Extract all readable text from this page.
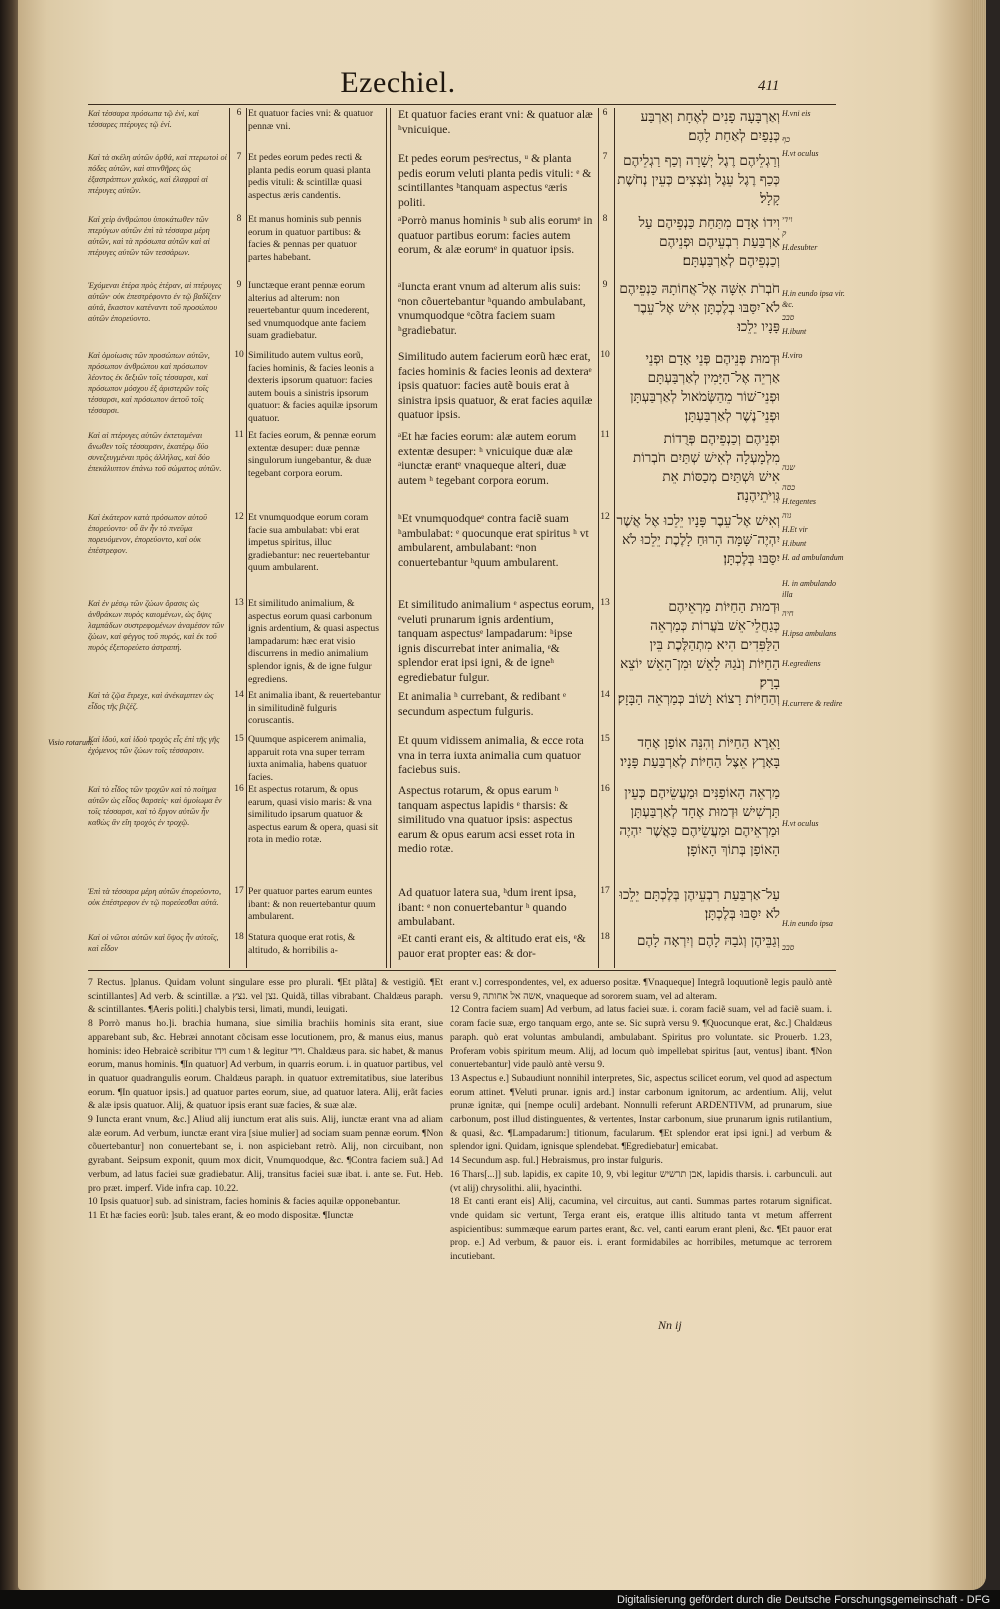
Ezechiel.	411
Visio rotarum.
Καὶ τέσσαρα πρόσωπα τῷ ἑνί, καὶ τέσσαρες πτέρυγες τῷ ἑνί.
Καὶ τὰ σκέλη αὐτῶν ὀρθά, καὶ πτερωτοὶ οἱ πόδες αὐτῶν, καὶ σπινθῆρες ὡς ἐξαστράπτων χαλκός, καὶ ἐλαφραὶ αἱ πτέρυγες αὐτῶν.
Καὶ χεὶρ ἀνθρώπου ὑποκάτωθεν τῶν πτερύγων αὐτῶν ἐπὶ τὰ τέσσαρα μέρη αὐτῶν, καὶ τὰ πρόσωπα αὐτῶν καὶ αἱ πτέρυγες αὐτῶν τῶν τεσσάρων.
Ἐχόμεναι ἑτέρα πρὸς ἑτέραν, αἱ πτέρυγες αὐτῶν· οὐκ ἐπεστρέφοντο ἐν τῷ βαδίζειν αὐτά, ἕκαστον κατέναντι τοῦ προσώπου αὐτῶν ἐπορεύοντο.
Καὶ ὁμοίωσις τῶν προσώπων αὐτῶν, πρόσωπον ἀνθρώπου καὶ πρόσωπον λέοντος ἐκ δεξιῶν τοῖς τέσσαρσι, καὶ πρόσωπον μόσχου ἐξ ἀριστερῶν τοῖς τέσσαρσι, καὶ πρόσωπον ἀετοῦ τοῖς τέσσαρσι.
Καὶ αἱ πτέρυγες αὐτῶν ἐκτεταμέναι ἄνωθεν τοῖς τέσσαρσιν, ἑκατέρῳ δύο συνεζευγμέναι πρὸς ἀλλήλας, καὶ δύο ἐπεκάλυπτον ἐπάνω τοῦ σώματος αὐτῶν.
Καὶ ἑκάτερον κατὰ πρόσωπον αὐτοῦ ἐπορεύοντο· οὗ ἂν ἦν τὸ πνεῦμα πορευόμενον, ἐπορεύοντο, καὶ οὐκ ἐπέστρεφον.
Καὶ ἐν μέσῳ τῶν ζώων ὅρασις ὡς ἀνθράκων πυρὸς καιομένων, ὡς ὄψις λαμπάδων συστρεφομένων ἀναμέσον τῶν ζώων, καὶ φέγγος τοῦ πυρός, καὶ ἐκ τοῦ πυρὸς ἐξεπορεύετο ἀστραπή.
Καὶ τὰ ζῷα ἔτρεχε, καὶ ἀνέκαμπτεν ὡς εἶδος τῆς βιζέζ.
Καὶ ἰδού, καὶ ἰδοὺ τροχὸς εἷς ἐπὶ τῆς γῆς ἐχόμενος τῶν ζώων τοῖς τέσσαρσιν.
Καὶ τὸ εἶδος τῶν τροχῶν καὶ τὸ ποίημα αὐτῶν ὡς εἶδος θαρσείς· καὶ ὁμοίωμα ἓν τοῖς τέσσαρσι, καὶ τὸ ἔργον αὐτῶν ἦν καθὼς ἂν εἴη τροχὸς ἐν τροχῷ.
Ἐπὶ τὰ τέσσαρα μέρη αὐτῶν ἐπορεύοντο, οὐκ ἐπέστρεφον ἐν τῷ πορεύεσθαι αὐτά.
Καὶ οἱ νῶτοι αὐτῶν καὶ ὕψος ἦν αὐτοῖς, καὶ εἶδον
6
7
8
9
10
11
12
13
14
15
16
17
18
Et quatuor facies vni: & quatuor pennæ vni.
Et pedes eorum pedes recti & planta pedis eorum quasi planta pedis vituli: & scintillæ quasi aspectus æris candentis.
Et manus hominis sub pennis eorum in quatuor partibus: & facies & pennas per quatuor partes habebant.
Iunctæque erant pennæ eorum alterius ad alterum: non reuertebantur quum incederent, sed vnumquodque ante faciem suam gradiebatur.
Similitudo autem vultus eorũ, facies hominis, & facies leonis a dexteris ipsorum quatuor: facies autem bouis a sinistris ipsorum quatuor: & facies aquilæ ipsorum quatuor.
Et facies eorum, & pennæ eorum extentæ desuper: duæ pennæ singulorum iungebantur, & duæ tegebant corpora eorum.
Et vnumquodque eorum coram facie sua ambulabat: vbi erat impetus spiritus, illuc gradiebantur: nec reuertebantur quum ambularent.
Et similitudo animalium, & aspectus eorum quasi carbonum ignis ardentium, & quasi aspectus lampadarum: hæc erat visio discurrens in medio animalium splendor ignis, & de igne fulgur egrediens.
Et animalia ibant, & reuertebantur in similitudinẽ fulguris coruscantis.
Quumque aspicerem animalia, apparuit rota vna super terram iuxta animalia, habens quatuor facies.
Et aspectus rotarum, & opus earum, quasi visio maris: & vna similitudo ipsarum quatuor & aspectus earum & opera, quasi sit rota in medio rotæ.
Per quatuor partes earum euntes ibant: & non reuertebantur quum ambularent.
Statura quoque erat rotis, & altitudo, & horribilis a-
Et quatuor facies erant vni: & quatuor alæ ʰvnicuique.
Et pedes eorum pesˢrectus, ᵘ & planta pedis eorum veluti planta pedis vituli: ᵉ & scintillantes ʰtanquam aspectus ᵉæris politi.
ᵃPorrò manus hominis ʰ sub alis eorumᵉ in quatuor partibus eorum: facies autem eorum, & alæ eorumᵉ in quatuor ipsis.
ᵃIuncta erant vnum ad alterum alis suis: ᵉnon cõuertebantur ʰquando ambulabant, vnumquodque ᵉcõtra faciem suam ʰgradiebatur.
Similitudo autem facierum eorũ hæc erat, facies hominis & facies leonis ad dexteraᵉ ipsis quatuor: facies autẽ bouis erat à sinistra ipsis quatuor, & erat facies aquilæ quatuor ipsis.
ᵃEt hæ facies eorum: alæ autem eorum extentæ desuper: ʰ vnicuique duæ alæ ᵃiunctæ erantᵉ vnaqueque alteri, duæ autem ʰ tegebant corpora eorum.
ʰEt vnumquodqueᵉ contra faciẽ suam ʰambulabat: ᵉ quocunque erat spiritus ʰ vt ambularent, ambulabant: ᵉnon conuertebantur ʰquum ambularent.
Et similitudo animalium ᵉ aspectus eorum, ᵉveluti prunarum ignis ardentium, tanquam aspectusᵉ lampadarum: ʰipse ignis discurrebat inter animalia, ᵉ& splendor erat ipsi igni, & de igneʰ egrediebatur fulgur.
Et animalia ʰ currebant, & redibant ᵉ secundum aspectum fulguris.
Et quum vidissem animalia, & ecce rota vna in terra iuxta animalia cum quatuor faciebus suis.
Aspectus rotarum, & opus earum ʰ tanquam aspectus lapidis ᵉ tharsis: & similitudo vna quatuor ipsis: aspectus earum & opus earum acsi esset rota in medio rotæ.
Ad quatuor latera sua, ʰdum irent ipsa, ibant: ᵉ non conuertebantur ʰ quando ambulabant.
ᵃEt canti erant eis, & altitudo erat eis, ᵉ& pauor erat propter eas: & dor-
6
7
8
9
10
11
12
13
14
15
16
17
18
וְאַרְבָּעָה פָנִים לְאֶחָת וְאַרְבַּע כְּנָפַיִם לְאַחַת לָהֶם׃
וְרַגְלֵיהֶם רֶגֶל יְשָׁרָה וְכַף רַגְלֵיהֶם כְּכַף רֶגֶל עֵגֶל וְנֹצְצִים כְּעֵין נְחֹשֶׁת קָלָל׃
וִידוֹ אָדָם מִתַּחַת כַּנְפֵיהֶם עַל אַרְבַּעַת רִבְעֵיהֶם וּפְנֵיהֶם וְכַנְפֵיהֶם לְאַרְבַּעְתָּם׃
חֹבְרֹת אִשָּׁה אֶל־אֲחוֹתָהּ כַּנְפֵיהֶם לֹא־יִסַּבּוּ בְלֶכְתָּן אִישׁ אֶל־עֵבֶר פָּנָיו יֵלֵכוּ׃
וּדְמוּת פְּנֵיהֶם פְּנֵי אָדָם וּפְנֵי אַרְיֵה אֶל־הַיָּמִין לְאַרְבַּעְתָּם וּפְנֵי־שׁוֹר מֵהַשְּׂמֹאול לְאַרְבַּעְתָּן וּפְנֵי־נֶשֶׁר לְאַרְבַּעְתָּן׃
וּפְנֵיהֶם וְכַנְפֵיהֶם פְּרֻדוֹת מִלְמָעְלָה לְאִישׁ שְׁתַּיִם חֹבְרוֹת אִישׁ וּשְׁתַּיִם מְכַסּוֹת אֵת גְּוִיֹּתֵיהֶנָה׃
וְאִישׁ אֶל־עֵבֶר פָּנָיו יֵלֵכוּ אֶל אֲשֶׁר יִהְיֶה־שָּׁמָּה הָרוּחַ לָלֶכֶת יֵלֵכוּ לֹא יִסַּבּוּ בְּלֶכְתָּן׃
וּדְמוּת הַחַיּוֹת מַרְאֵיהֶם כְּגַחֲלֵי־אֵשׁ בֹּעֲרוֹת כְּמַרְאֵה הַלַּפִּדִים הִיא מִתְהַלֶּכֶת בֵּין הַחַיּוֹת וְנֹגַהּ לָאֵשׁ וּמִן־הָאֵשׁ יוֹצֵא בָרָק׃
וְהַחַיּוֹת רָצוֹא וָשׁוֹב כְּמַרְאֵה הַבָּזָק׃
וָאֵרֶא הַחַיּוֹת וְהִנֵּה אוֹפַן אֶחָד בָּאָרֶץ אֵצֶל הַחַיּוֹת לְאַרְבַּעַת פָּנָיו׃
מַרְאֵה הָאוֹפַנִּים וּמַעֲשֵׂיהֶם כְּעֵין תַּרְשִׁישׁ וּדְמוּת אֶחָד לְאַרְבַּעְתָּן וּמַרְאֵיהֶם וּמַעֲשֵׂיהֶם כַּאֲשֶׁר יִהְיֶה הָאוֹפַן בְּתוֹךְ הָאוֹפָן׃
עַל־אַרְבַּעַת רִבְעֵיהֶן בְּלֶכְתָּם יֵלֵכוּ לֹא יִסַּבּוּ בְּלֶכְתָּן׃
וְגַבֵּיהֶן וְגֹבַהּ לָהֶם וְיִרְאָה לָהֶם
H.vni eis
כף
H.vt oculus
וידי
ק
H.desubter
H.in eundo ipsa vir. &c.
סבב
H.ibunt
H.viro
שנה
כסה
H.tegentes
גוה
H.Et vir
H.ibunt
H. ad ambulandum
H. in ambulando illa
חיה
H.ipsa ambulans
H.egrediens
H.currere & redire
H.vt oculus
H.in eundo ipsa
סבב

7 Rectus. ]planus. Quidam volunt singulare esse pro plurali. ¶Et plãta] & vestigiũ. ¶Et scintillantes] Ad verb. & scintillæ. a נצץ. vel נצן. Quidã, tillas vibrabant. Chaldæus paraph. & scintillantes. ¶Aeris politi.] chalybis tersi, limati, mundi, leuigati.

8 Porrò manus ho.]i. brachia humana, siue similia brachiis hominis sita erant, siue apparebant sub, &c. Hebræi annotant cõcisam esse locutionem, pro, & manus eius, manus hominis: ideo Hebraicè scribitur וידו cum ו & legitur וידי. Chaldæus para. sic habet, & manus eorum, manus hominis. ¶In quatuor] Ad verbum, in quarris eorum. i. in quatuor partibus, vel in quatuor quadrangulis eorum. Chaldæus paraph. in quatuor extremitatibus, siue lateribus eorum. ¶In quatuor ipsis.] ad quatuor partes eorum, siue, ad quatuor latera. Alij, erãt facies & alæ ipsis quatuor. Alij, & quatuor ipsis erant suæ facies, & suæ alæ.

9 Iuncta erant vnum, &c.] Aliud alij iunctum erat alis suis. Alij, iunctæ erant vna ad aliam alæ eorum. Ad verbum, iunctæ erant vira [siue mulier] ad sociam suam pennæ eorum. ¶Non cõuertebantur] non conuertebant se, i. non aspiciebant retrò. Alij, non circuibant, non gyrabant. Seipsum exponit, quum mox dicit, Vnumquodque, &c. ¶Contra faciem suã.] Ad verbum, ad latus faciei suæ gradiebatur. Alij, transitus faciei suæ ibat. i. ante se. Fut. Heb. pro præt. imperf. Vide infra cap. 10.22.

10 Ipsis quatuor] sub. ad sinistram, facies hominis & facies aquilæ opponebantur.

11 Et hæ facies eorũ: ]sub. tales erant, & eo modo dispositæ. ¶Iunctæ

erant v.] correspondentes, vel, ex aduerso positæ. ¶Vnaqueque] Integrã loquutionẽ legis paulò antè versu 9, אשה אל אחותה, vnaqueque ad sororem suam, vel ad alteram.

12 Contra faciem suam] Ad verbum, ad latus faciei suæ. i. coram faciẽ suam, vel ad faciẽ suam. i. coram facie suæ, ergo tanquam ergo, ante se. Sic suprà versu 9. ¶Quocunque erat, &c.] Chaldæus paraph. quò erat voluntas ambulandi, ambulabant. Spiritus pro voluntate. sic Prouerb. 1.23, Proferam vobis spiritum meum. Alij, ad locum quò impellebat spiritus [aut, ventus] ibant. ¶Non conuertebantur] vide paulò antè versu 9.

13 Aspectus e.] Subaudiunt nonnihil interpretes, Sic, aspectus scilicet eorum, vel quod ad aspectum eorum attinet. ¶Veluti prunar. ignis ard.] instar carbonum ignitorum, ac ardentium. Alij, velut prunæ ignitæ, qui [nempe oculi] ardebant. Nonnulli referunt ARDENTIVM, ad prunarum, siue carbonum, post illud distinguentes, & vertentes, Instar carbonum, siue prunarum ignis rutilantium, & quasi, &c. ¶Lampadarum:] titionum, facularum. ¶Et splendor erat ipsi igni.] ad verbum & splendor igni. Quidam, ignisque splendebat. ¶Egrediebatur] emicabat.

14 Secundum asp. ful.] Hebraismus, pro instar fulguris.

16 Thars[...]] sub. lapidis, ex capite 10, 9, vbi legitur אבן תרשיש, lapidis tharsis. i. carbunculi. aut (vt alij) chrysolithi. alii, hyacinthi.

18 Et canti erant eis] Alij, cacumina, vel circuitus, aut canti. Summas partes rotarum significat. vnde quidam sic vertunt, Terga erant eis, eratque illis altitudo tanta vt metum afferrent aspicientibus: summæque earum partes erant, &c. vel, canti earum erant pleni, &c. ¶Et pauor erat prop. e.] Ad verbum, & pauor eis. i. erant formidabiles ac horribiles, metumque ac terrorem incutiebant.

Nn ij
Digitalisierung gefördert durch die Deutsche Forschungsgemeinschaft - DFG
